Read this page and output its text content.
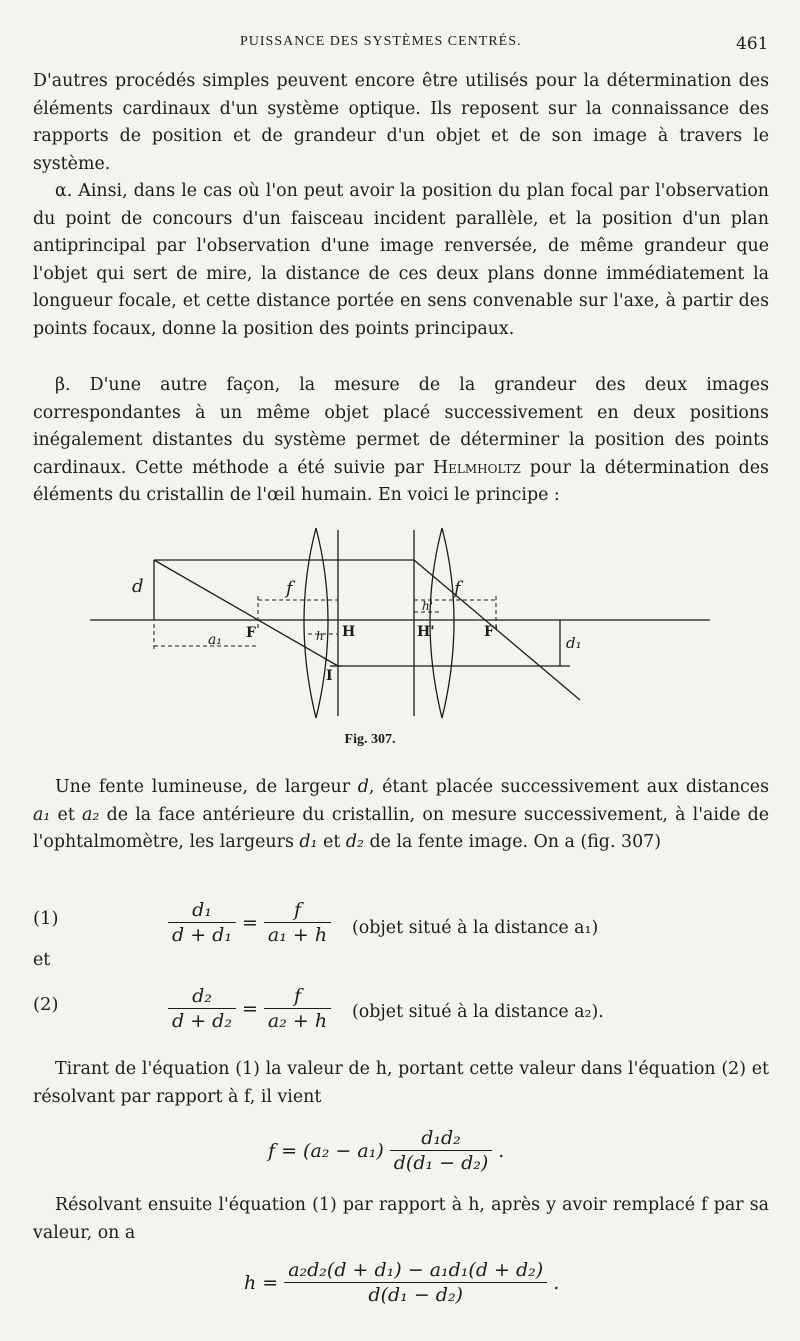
PUISSANCE DES SYSTÈMES CENTRÉS.	461

D'autres procédés simples peuvent encore être utilisés pour la détermination des éléments cardinaux d'un système optique. Ils reposent sur la connaissance des rapports de position et de grandeur d'un objet et de son image à travers le système.

α. Ainsi, dans le cas où l'on peut avoir la position du plan focal par l'observation du point de concours d'un faisceau incident parallèle, et la position d'un plan antiprincipal par l'observation d'une image renversée, de même grandeur que l'objet qui sert de mire, la distance de ces deux plans donne immédiatement la longueur focale, et cette distance portée en sens convenable sur l'axe, à partir des points focaux, donne la position des points principaux.

β. D'une autre façon, la mesure de la grandeur des deux images correspondantes à un même objet placé successivement en deux positions inégalement distantes du système permet de déterminer la position des points cardinaux. Cette méthode a été suivie par Helmholtz pour la détermination des éléments du cristallin de l'œil humain. En voici le principe :

d	f
a₁ F	h H	H'
h'
f
F'
d₁
I
Fig. 307.

Une fente lumineuse, de largeur d, étant placée successivement aux distances a₁ et a₂ de la face antérieure du cristallin, on mesure successivement, à l'aide de l'ophtalmomètre, les largeurs d₁ et d₂ de la fente image. On a (fig. 307)

(1)	$\frac{\text{d₁}}{\text{d + d₁}} = \frac{f}{\text{a₁ + h}}$ (objet situé à la distance a₁)
et
(2)	$\frac{\text{d₂}}{\text{d + d₂}} = \frac{f}{\text{a₂ + h}}$ (objet situé à la distance a₂).

Tirant de l'équation (1) la valeur de h, portant cette valeur dans l'équation (2) et résolvant par rapport à f, il vient

$f = (a_2 - a_1) \frac{\text{d₁d₂}}{\text{d(d₁ − d₂)}}$ .

Résolvant ensuite l'équation (1) par rapport à h, après y avoir remplacé f par sa valeur, on a

$h = \frac{\text{a₂d₂(d + d₁) − a₁d₁(d + d₂)}}{\text{d(d₁ − d₂)}}$ .
